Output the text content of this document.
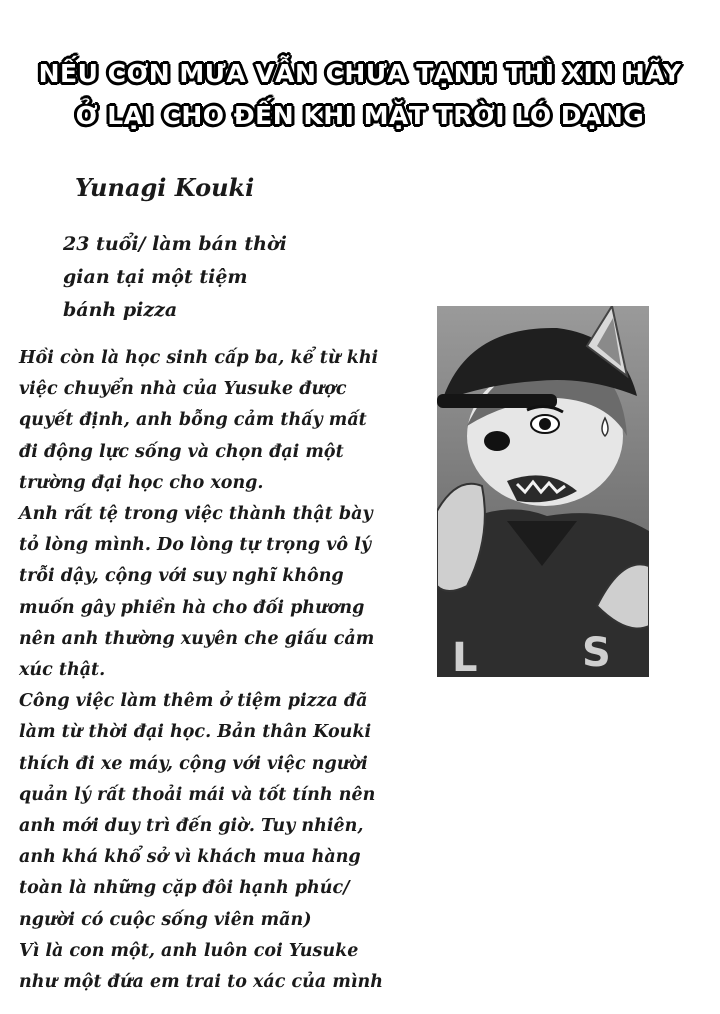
NẾU CƠN MƯA VẪN CHƯA TẠNH THÌ XIN HÃY
Ở LẠI CHO ĐẾN KHI MẶT TRỜI LÓ DẠNG
Yunagi Kouki
23 tuổi/ làm bán thời
gian tại một tiệm
bánh pizza
Hồi còn là học sinh cấp ba, kể từ khi
việc chuyển nhà của Yusuke được
quyết định, anh bỗng cảm thấy mất
đi động lực sống và chọn đại một
trường đại học cho xong.
Anh rất tệ trong việc thành thật bày
tỏ lòng mình. Do lòng tự trọng vô lý
trỗi dậy, cộng với suy nghĩ không
muốn gây phiền hà cho đối phương
nên anh thường xuyên che giấu cảm
xúc thật.
Công việc làm thêm ở tiệm pizza đã
làm từ thời đại học. Bản thân Kouki
thích đi xe máy, cộng với việc người
quản lý rất thoải mái và tốt tính nên
anh mới duy trì đến giờ. Tuy nhiên,
anh khá khổ sở vì khách mua hàng
toàn là những cặp đôi hạnh phúc/
người có cuộc sống viên mãn)
Vì là con một, anh luôn coi Yusuke
như một đứa em trai to xác của mình
S
L
